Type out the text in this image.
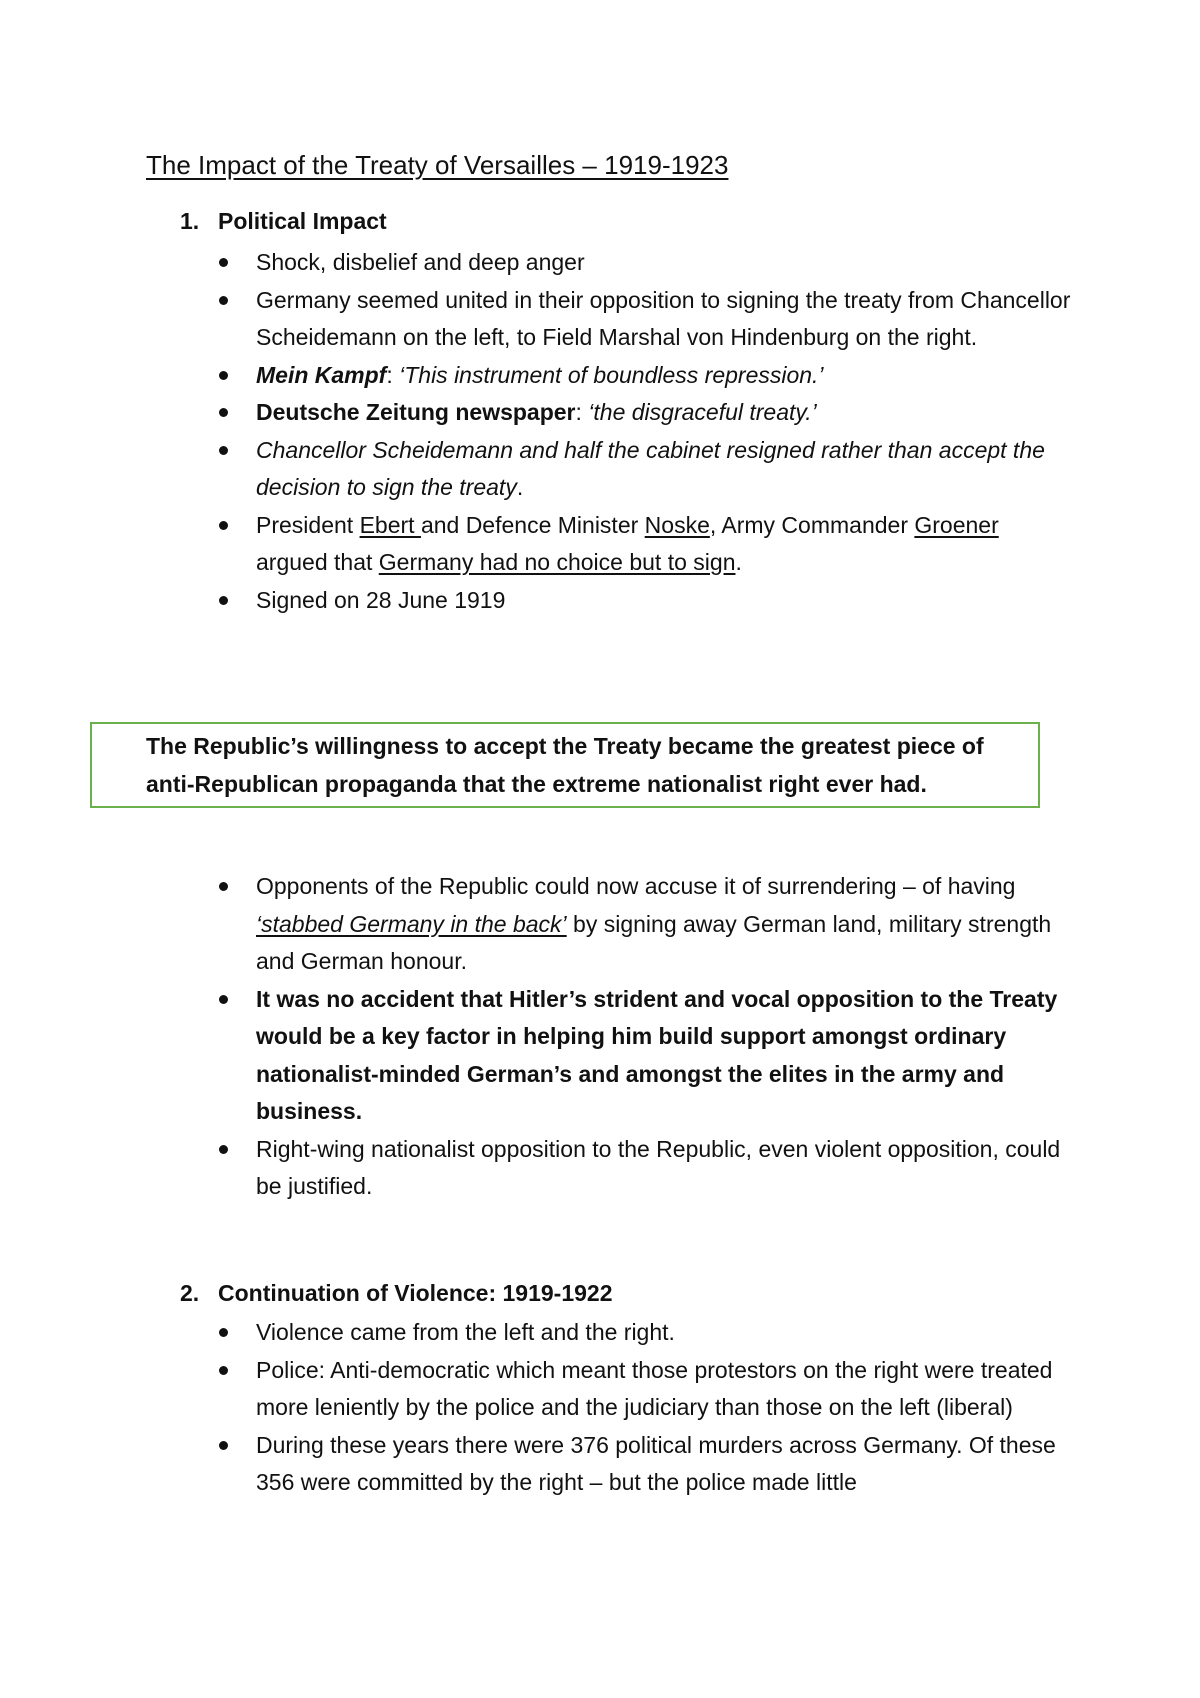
The Impact of the Treaty of Versailles – 1919-1923
1. Political Impact
Shock, disbelief and deep anger
Germany seemed united in their opposition to signing the treaty from Chancellor Scheidemann on the left, to Field Marshal von Hindenburg on the right.
Mein Kampf: ‘This instrument of boundless repression.’
Deutsche Zeitung newspaper: ‘the disgraceful treaty.’
Chancellor Scheidemann and half the cabinet resigned rather than accept the decision to sign the treaty.
President Ebert and Defence Minister Noske, Army Commander Groener argued that Germany had no choice but to sign.
Signed on 28 June 1919
The Republic’s willingness to accept the Treaty became the greatest piece of anti-Republican propaganda that the extreme nationalist right ever had.
Opponents of the Republic could now accuse it of surrendering – of having ‘stabbed Germany in the back’ by signing away German land, military strength and German honour.
It was no accident that Hitler’s strident and vocal opposition to the Treaty would be a key factor in helping him build support amongst ordinary nationalist-minded German’s and amongst the elites in the army and business.
Right-wing nationalist opposition to the Republic, even violent opposition, could be justified.
2. Continuation of Violence: 1919-1922
Violence came from the left and the right.
Police: Anti-democratic which meant those protestors on the right were treated more leniently by the police and the judiciary than those on the left (liberal)
During these years there were 376 political murders across Germany. Of these 356 were committed by the right – but the police made little
